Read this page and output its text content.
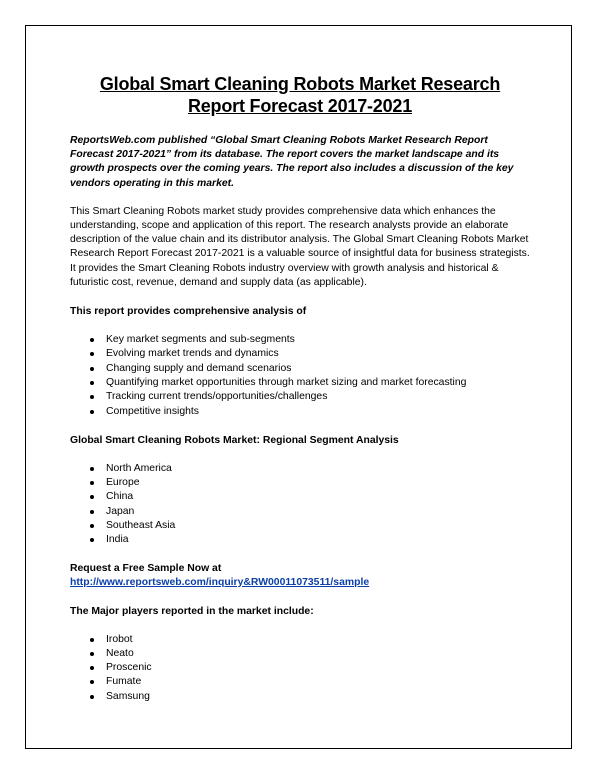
Global Smart Cleaning Robots Market Research Report Forecast 2017-2021

ReportsWeb.com published “Global Smart Cleaning Robots Market Research Report Forecast 2017-2021” from its database. The report covers the market landscape and its growth prospects over the coming years. The report also includes a discussion of the key vendors operating in this market.

This Smart Cleaning Robots market study provides comprehensive data which enhances the understanding, scope and application of this report. The research analysts provide an elaborate description of the value chain and its distributor analysis. The Global Smart Cleaning Robots Market Research Report Forecast 2017-2021 is a valuable source of insightful data for business strategists. It provides the Smart Cleaning Robots industry overview with growth analysis and historical & futuristic cost, revenue, demand and supply data (as applicable).

This report provides comprehensive analysis of

Key market segments and sub-segments
Evolving market trends and dynamics
Changing supply and demand scenarios
Quantifying market opportunities through market sizing and market forecasting
Tracking current trends/opportunities/challenges
Competitive insights

Global Smart Cleaning Robots Market: Regional Segment Analysis

North America
Europe
China
Japan
Southeast Asia
India
Request a Free Sample Now at
http://www.reportsweb.com/inquiry&RW00011073511/sample

The Major players reported in the market include:

Irobot
Neato
Proscenic
Fumate
Samsung
